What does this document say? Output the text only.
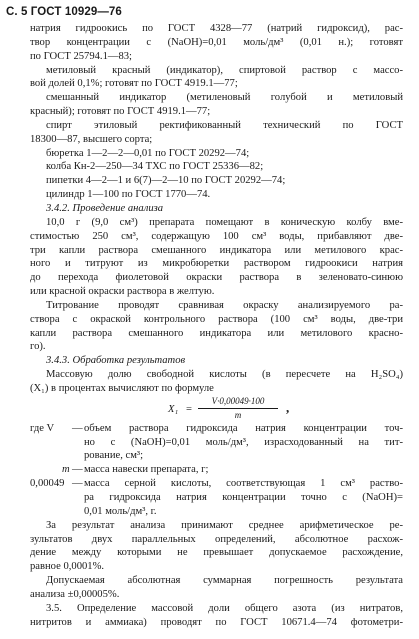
С. 5 ГОСТ 10929—76
натрия гидроокись по ГОСТ 4328—77 (натрий гидроксид), рас-
твор концентрации с (NaOH)=0,01 моль/дм³ (0,01 н.); готовят
по ГОСТ 25794.1—83;
метиловый красный (индикатор), спиртовой раствор с массо-
вой долей 0,1%; готовят по ГОСТ 4919.1—77;
смешанный индикатор (метиленовый голубой и метиловый
красный); готовят по ГОСТ 4919.1—77;
спирт этиловый ректификованный технический по ГОСТ
18300—87, высшего сорта;
бюретка 1—2—2—0,01 по ГОСТ 20292—74;
колба Кн-2—250—34 ТХС по ГОСТ 25336—82;
пипетки 4—2—1 и 6(7)—2—10 по ГОСТ 20292—74;
цилиндр 1—100 по ГОСТ 1770—74.
3.4.2. Проведение анализа
10,0 г (9,0 см³) препарата помещают в коническую колбу вме-
стимостью 250 см³, содержащую 100 см³ воды, прибавляют две-
три капли раствора смешанного индикатора или метилового крас-
ного и титруют из микробюретки раствором гидроокиси натрия
до перехода фиолетовой окраски раствора в зеленовато-синюю
или красной окраски раствора в желтую.
Титрование проводят сравнивая окраску анализируемого ра-
створа с окраской контрольного раствора (100 см³ воды, две-три
капли раствора смешанного индикатора или метилового красно-
го).
3.4.3. Обработка результатов
Массовую долю свободной кислоты (в пересчете на H₂SO₄)
(X₁) в процентах вычисляют по формуле
$X_1 = \frac{V\cdot 0,00049\cdot 100}{m}$ ,
где V — объем раствора гидроксида натрия концентрации точ-
но с (NaOH)=0,01 моль/дм³, израсходованный на тит-
рование, см³;
m — масса навески препарата, г;
0,00049 — масса серной кислоты, соответствующая 1 см³ раство-
ра гидроксида натрия концентрации точно с (NaOH)=
0,01 моль/дм³, г.
За результат анализа принимают среднее арифметическое ре-
зультатов двух параллельных определений, абсолютное расхож-
дение между которыми не превышает допускаемое расхождение,
равное 0,0001%.
Допускаемая абсолютная суммарная погрешность результата
анализа ±0,00005%.
3.5. Определение массовой доли общего азота (из нитратов,
нитритов и аммиака) проводят по ГОСТ 10671.4—74 фотометри-
